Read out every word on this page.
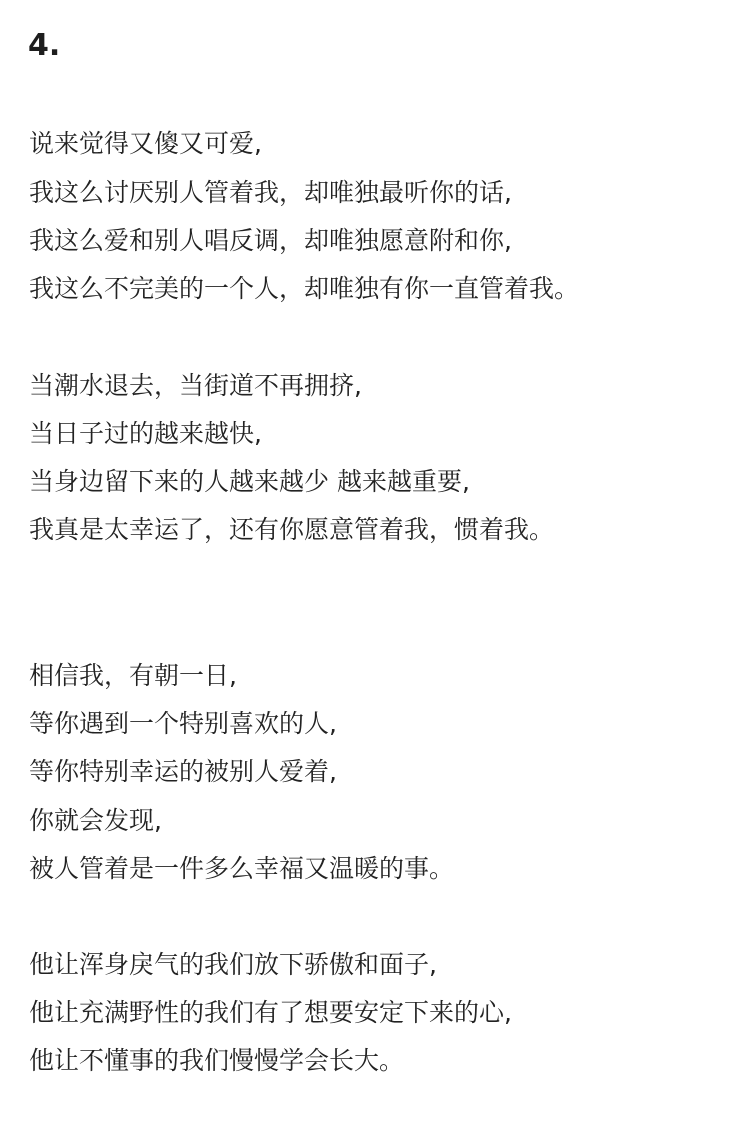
4.
说来觉得又傻又可爱,
我这么讨厌别人管着我，却唯独最听你的话,
我这么爱和别人唱反调，却唯独愿意附和你,
我这么不完美的一个人，却唯独有你一直管着我。
当潮水退去，当街道不再拥挤,
当日子过的越来越快,
当身边留下来的人越来越少 越来越重要,
我真是太幸运了，还有你愿意管着我，惯着我。
相信我，有朝一日,
等你遇到一个特别喜欢的人,
等你特别幸运的被别人爱着,
你就会发现,
被人管着是一件多么幸福又温暖的事。
他让浑身戾气的我们放下骄傲和面子,
他让充满野性的我们有了想要安定下来的心,
他让不懂事的我们慢慢学会长大。
